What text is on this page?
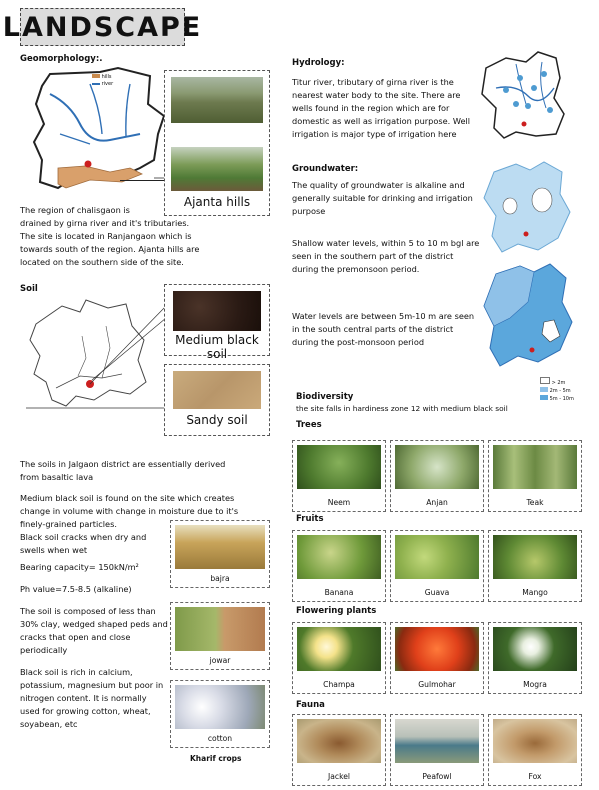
LANDSCAPE
Geomorphology:.
hills
river
Ajanta hills
The region of chalisgaon is
drained by girna river and it's tributaries.
The site is located in Ranjangaon which is
towards south of the region. Ajanta hills are
located on the southern side of the site.
Hydrology:
Titur river, tributary of girna river is the
nearest water body to the site. There are
wells found in the region which are for
domestic as well as irrigation purpose. Well
irrigation is major type of irrigation here
Groundwater:
The quality of groundwater is alkaline and
generally suitable for drinking and irrigation
purpose
Shallow water levels, within 5 to 10 m bgl are
seen in the southern part of the district
during the premonsoon period.
Water levels are between 5m-10 m are seen
in the south central parts of the district
during the post-monsoon period
> 2m
2m - 5m
5m - 10m
Soil
Medium black soil
Sandy soil
The soils in Jalgaon district are essentially derived
from basaltic lava
Medium black soil is found on the site which creates
change in volume with change in moisture due to it's
finely-grained particles.
Black soil cracks when dry and
swells when wet
Bearing capacity= 150kN/m²
Ph value=7.5-8.5 (alkaline)
The soil is composed of less than
30% clay, wedged shaped peds and
cracks that open and close
periodically
Black soil is rich in calcium,
potassium, magnesium but poor in
nitrogen content. It is normally
used for growing cotton, wheat,
soyabean, etc
bajra
jowar
cotton
Kharif crops
Biodiversity
the site falls in hardiness zone 12 with medium black soil
Trees
Neem	Anjan	Teak
Fruits
Banana	Guava	Mango
Flowering plants
Champa	Gulmohar	Mogra
Fauna
Jackel	Peafowl	Fox
